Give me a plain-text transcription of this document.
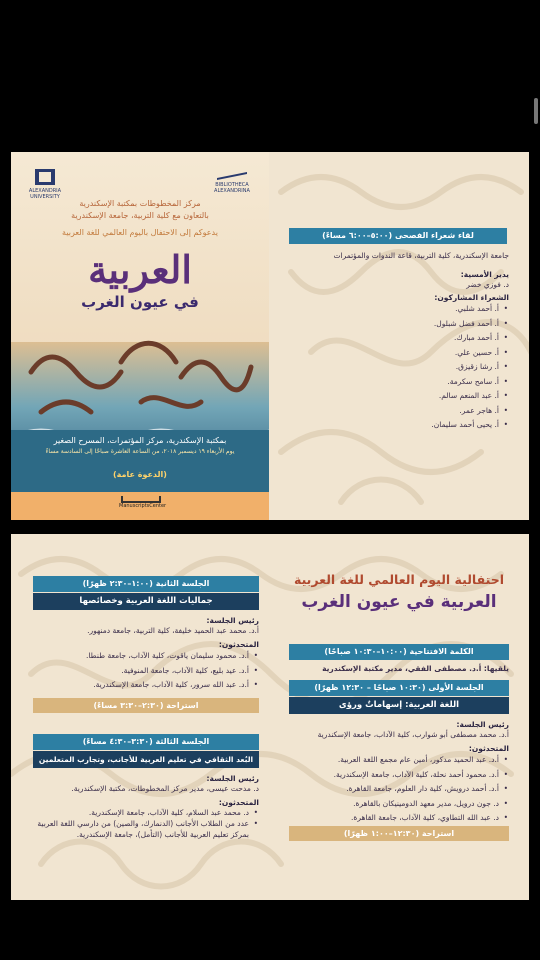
ALEXANDRIA UNIVERSITY
BIBLIOTHECA ALEXANDRINA
مركز المخطوطات بمكتبة الإسكندرية
بالتعاون مع كلية التربية، جامعة الإسكندرية
يدعوكم إلى الاحتفال باليوم العالمي للغة العربية
العربية
في عيون الغرب
بمكتبة الإسكندرية، مركز المؤتمرات، المسرح الصغير
يوم الأربعاء ١٩ ديسمبر ٢٠١٨، من الساعة العاشرة صباحًا إلى السادسة مساءً
(الدعوة عامة)
ManuscriptsCenter
لقاء شعراء الفصحى (٥:٠٠–٦:٠٠ مساءً)
جامعة الإسكندرية، كلية التربية، قاعة الندوات والمؤتمرات
يدير الأمسية:
د. فوزي خضر
الشعراء المشاركون:
• أ. أحمد شلبي.
• أ. أحمد فضل شبلول.
• أ. أحمد مبارك.
• أ. حسين علي.
• أ. رشا زقيزق.
• أ. سامح سكرمة.
• أ. عبد المنعم سالم.
• أ. هاجر عمر.
• أ. يحيى أحمد سليمان.
الجلسة الثانية (١:٠٠–٢:٣٠ ظهرًا)
جماليات اللغة العربية وخصائصها
رئيس الجلسة:
أ.د. محمد عبد الحميد خليفة، كلية التربية، جامعة دمنهور.
المتحدثون:
• أ.د. محمود سليمان ياقوت، كلية الآداب، جامعة طنطا.
• أ.د. عيد بليع، كلية الآداب، جامعة المنوفية.
• أ.د. عبد الله سرور، كلية الآداب، جامعة الإسكندرية.
استراحة (٢:٣٠–٣:٣٠ مساءً)
الجلسة الثالثة (٣:٣٠–٤:٣٠ مساءً)
البُعد الثقافي في تعليم العربية للأجانب، وتجارب المتعلمين
رئيس الجلسة:
د. مدحت عيسى، مدير مركز المخطوطات، مكتبة الإسكندرية.
المتحدثون:
• د. محمد عبد السلام، كلية الآداب، جامعة الإسكندرية.
• عدد من الطلاب الأجانب (الدنمارك، والصين) من دارسي اللغة العربية بمركز تعليم العربية للأجانب (التأمل)، جامعة الإسكندرية.
احتفالية اليوم العالمي للغة العربية
العربية في عيون الغرب
الكلمة الافتتاحية (١٠:٠٠–١٠:٣٠ صباحًا)
يلقيها: أ.د. مصطفى الفقي، مدير مكتبة الإسكندرية
الجلسة الأولى (١٠:٣٠ صباحًا – ١٢:٣٠ ظهرًا)
اللغة العربية: إسهاماتٌ ورؤى
رئيس الجلسة:
أ.د. محمد مصطفى أبو شوارب، كلية الآداب، جامعة الإسكندرية
المتحدثون:
• أ.د. عبد الحميد مدكور، أمين عام مجمع اللغة العربية.
• أ.د. محمود أحمد نحلة، كلية الآداب، جامعة الإسكندرية.
• أ.د. أحمد درويش، كلية دار العلوم، جامعة القاهرة.
• د. جون درويل، مدير معهد الدومينيكان بالقاهرة.
• د. عبد الله التطاوي، كلية الآداب، جامعة القاهرة.
استراحة (١٢:٣٠–١:٠٠ ظهرًا)
